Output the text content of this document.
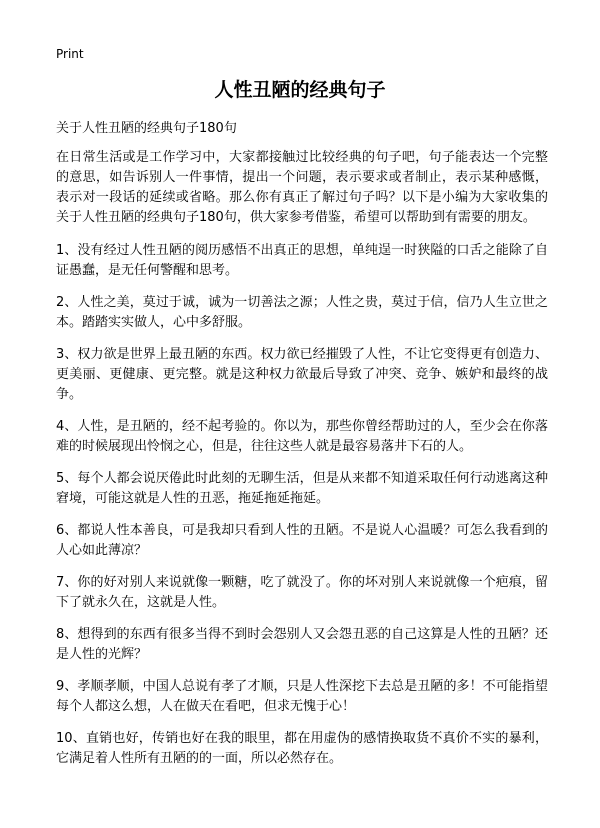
Print
人性丑陋的经典句子
关于人性丑陋的经典句子180句

在日常生活或是工作学习中，大家都接触过比较经典的句子吧，句子能表达一个完整的意思，如告诉别人一件事情，提出一个问题，表示要求或者制止，表示某种感慨，表示对一段话的延续或省略。那么你有真正了解过句子吗？以下是小编为大家收集的关于人性丑陋的经典句子180句，供大家参考借鉴，希望可以帮助到有需要的朋友。

1、没有经过人性丑陋的阅历感悟不出真正的思想，单纯逞一时狭隘的口舌之能除了自证愚蠢，是无任何警醒和思考。

2、人性之美，莫过于诚，诚为一切善法之源；人性之贵，莫过于信，信乃人生立世之本。踏踏实实做人，心中多舒服。

3、权力欲是世界上最丑陋的东西。权力欲已经摧毁了人性，不让它变得更有创造力、更美丽、更健康、更完整。就是这种权力欲最后导致了冲突、竞争、嫉妒和最终的战争。

4、人性，是丑陋的，经不起考验的。你以为，那些你曾经帮助过的人，至少会在你落难的时候展现出怜悯之心，但是，往往这些人就是最容易落井下石的人。

5、每个人都会说厌倦此时此刻的无聊生活，但是从来都不知道采取任何行动逃离这种窘境，可能这就是人性的丑恶，拖延拖延拖延。

6、都说人性本善良，可是我却只看到人性的丑陋。不是说人心温暖？可怎么我看到的人心如此薄凉？

7、你的好对别人来说就像一颗糖，吃了就没了。你的坏对别人来说就像一个疤痕，留下了就永久在，这就是人性。

8、想得到的东西有很多当得不到时会怨别人又会怨丑恶的自己这算是人性的丑陋？还是人性的光辉？

9、孝顺孝顺，中国人总说有孝了才顺，只是人性深挖下去总是丑陋的多！不可能指望每个人都这么想，人在做天在看吧，但求无愧于心！

10、直销也好，传销也好在我的眼里，都在用虚伪的感情换取货不真价不实的暴利，它满足着人性所有丑陋的的一面，所以必然存在。
